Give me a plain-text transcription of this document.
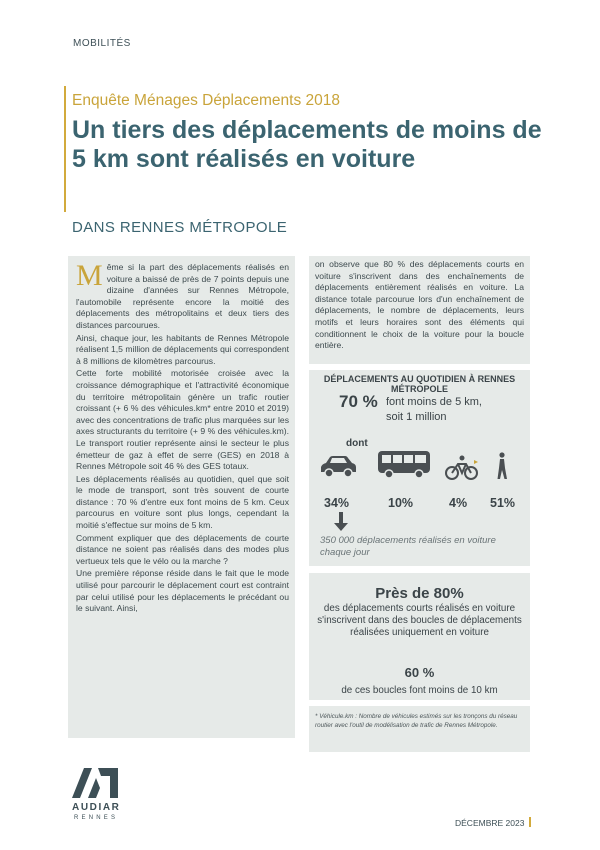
MOBILITÉS
Enquête Ménages Déplacements 2018
Un tiers des déplacements de moins de 5 km sont réalisés en voiture
DANS RENNES MÉTROPOLE

Même si la part des déplacements réalisés en voiture a baissé de près de 7 points depuis une dizaine d'années sur Rennes Métropole, l'automobile représente encore la moitié des déplacements des métropolitains et deux tiers des distances parcourues.

Ainsi, chaque jour, les habitants de Rennes Métropole réalisent 1,5 million de déplacements qui correspondent à 8 millions de kilomètres parcourus.

Cette forte mobilité motorisée croisée avec la croissance démographique et l'attractivité économique du territoire métropolitain génère un trafic routier croissant (+ 6 % des véhicules.km* entre 2010 et 2019) avec des concentrations de trafic plus marquées sur les axes structurants du territoire (+ 9 % des véhicules.km). Le transport routier représente ainsi le secteur le plus émetteur de gaz à effet de serre (GES) en 2018 à Rennes Métropole soit 46 % des GES totaux.

Les déplacements réalisés au quotidien, quel que soit le mode de transport, sont très souvent de courte distance : 70 % d'entre eux font moins de 5 km. Ceux parcourus en voiture sont plus longs, cependant la moitié s'effectue sur moins de 5 km.

Comment expliquer que des déplacements de courte distance ne soient pas réalisés dans des modes plus vertueux tels que le vélo ou la marche ?

Une première réponse réside dans le fait que le mode utilisé pour parcourir le déplacement court est contraint par celui utilisé pour les déplacements le précédant ou le suivant. Ainsi,

on observe que 80 % des déplacements courts en voiture s'inscrivent dans des enchaînements de déplacements entièrement réalisés en voiture. La distance totale parcourue lors d'un enchaînement de déplacements, le nombre de déplacements, leurs motifs et leurs horaires sont des éléments qui conditionnent le choix de la voiture pour la boucle entière.
DÉPLACEMENTS AU QUOTIDIEN À RENNES MÉTROPOLE
70 % font moins de 5 km,
soit 1 million
dont
34%	10%	4% 51%
350 000 déplacements réalisés en voiture chaque jour
Près de 80%
des déplacements courts réalisés en voiture s'inscrivent dans des boucles de déplacements réalisées uniquement en voiture
60 %
de ces boucles font moins de 10 km
* Véhicule.km : Nombre de véhicules estimés sur les tronçons du réseau routier avec l'outil de modélisation de trafic de Rennes Métropole.
AUDIAR
RENNES	DÉCEMBRE 2023
